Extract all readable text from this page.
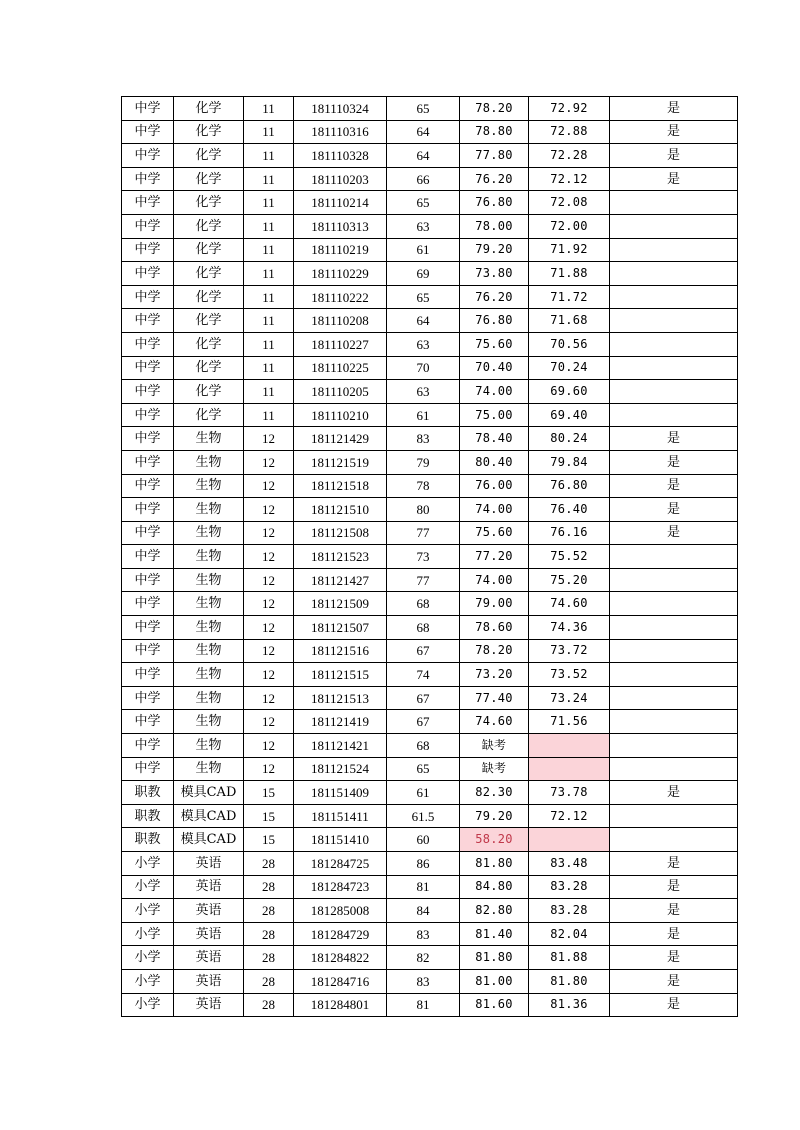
中学	化学	11	181110324	65	78.20	72.92	是
中学	化学	11	181110316	64	78.80	72.88	是
中学	化学	11	181110328	64	77.80	72.28	是
中学	化学	11	181110203	66	76.20	72.12	是
中学	化学	11	181110214	65	76.80	72.08	
中学	化学	11	181110313	63	78.00	72.00	
中学	化学	11	181110219	61	79.20	71.92	
中学	化学	11	181110229	69	73.80	71.88	
中学	化学	11	181110222	65	76.20	71.72	
中学	化学	11	181110208	64	76.80	71.68	
中学	化学	11	181110227	63	75.60	70.56	
中学	化学	11	181110225	70	70.40	70.24	
中学	化学	11	181110205	63	74.00	69.60	
中学	化学	11	181110210	61	75.00	69.40	
中学	生物	12	181121429	83	78.40	80.24	是
中学	生物	12	181121519	79	80.40	79.84	是
中学	生物	12	181121518	78	76.00	76.80	是
中学	生物	12	181121510	80	74.00	76.40	是
中学	生物	12	181121508	77	75.60	76.16	是
中学	生物	12	181121523	73	77.20	75.52	
中学	生物	12	181121427	77	74.00	75.20	
中学	生物	12	181121509	68	79.00	74.60	
中学	生物	12	181121507	68	78.60	74.36	
中学	生物	12	181121516	67	78.20	73.72	
中学	生物	12	181121515	74	73.20	73.52	
中学	生物	12	181121513	67	77.40	73.24	
中学	生物	12	181121419	67	74.60	71.56	
中学	生物	12	181121421	68	缺考		
中学	生物	12	181121524	65	缺考		
职教	模具CAD	15	181151409	61	82.30	73.78	是
职教	模具CAD	15	181151411	61.5	79.20	72.12	
职教	模具CAD	15	181151410	60	58.20		
小学	英语	28	181284725	86	81.80	83.48	是
小学	英语	28	181284723	81	84.80	83.28	是
小学	英语	28	181285008	84	82.80	83.28	是
小学	英语	28	181284729	83	81.40	82.04	是
小学	英语	28	181284822	82	81.80	81.88	是
小学	英语	28	181284716	83	81.00	81.80	是
小学	英语	28	181284801	81	81.60	81.36	是
